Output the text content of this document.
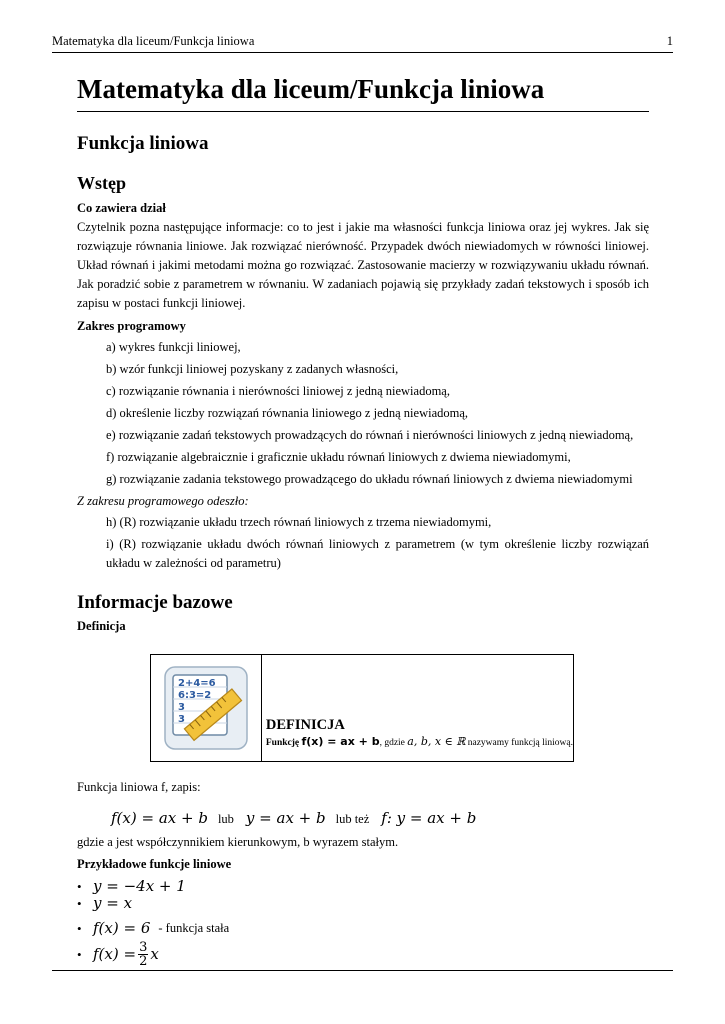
Matematyka dla liceum/Funkcja liniowa	1
Matematyka dla liceum/Funkcja liniowa
Funkcja liniowa
Wstęp

Co zawiera dział

Czytelnik pozna następujące informacje: co to jest i jakie ma własności funkcja liniowa oraz jej wykres. Jak się rozwiązuje równania liniowe. Jak rozwiązać nierówność. Przypadek dwóch niewiadomych w równości liniowej. Układ równań i jakimi metodami można go rozwiązać. Zastosowanie macierzy w rozwiązywaniu układu równań. Jak poradzić sobie z parametrem w równaniu. W zadaniach pojawią się przykłady zadań tekstowych i sposób ich zapisu w postaci funkcji liniowej.

Zakres programowy

a) wykres funkcji liniowej,
b) wzór funkcji liniowej pozyskany z zadanych własności,
c) rozwiązanie równania i nierówności liniowej z jedną niewiadomą,
d) określenie liczby rozwiązań równania liniowego z jedną niewiadomą,
e) rozwiązanie zadań tekstowych prowadzących do równań i nierówności liniowych z jedną niewiadomą,
f) rozwiązanie algebraicznie i graficznie układu równań liniowych z dwiema niewiadomymi,
g) rozwiązanie zadania tekstowego prowadzącego do układu równań liniowych z dwiema niewiadomymi

Z zakresu programowego odeszło:

h) (R) rozwiązanie układu trzech równań liniowych z trzema niewiadomymi,
i) (R) rozwiązanie układu dwóch równań liniowych z parametrem (w tym określenie liczby rozwiązań układu w zależności od parametru)
Informacje bazowe

Definicja

2+4=6
6:3=2
3
3	DEFINICJA
Funkcję f(x) = ax + b, gdzie a, b, x ∈ ℝ nazywamy funkcją liniową.

Funkcja liniowa f, zapis:

f(x) = ax + b lub y = ax + b lub też f: y = ax + b

gdzie a jest współczynnikiem kierunkowym, b wyrazem stałym.

Przykładowe funkcje liniowe

• y = −4x + 1
• y = x
• f(x) = 6 - funkcja stała
• $f(x) = \frac{3}{2}$ x
